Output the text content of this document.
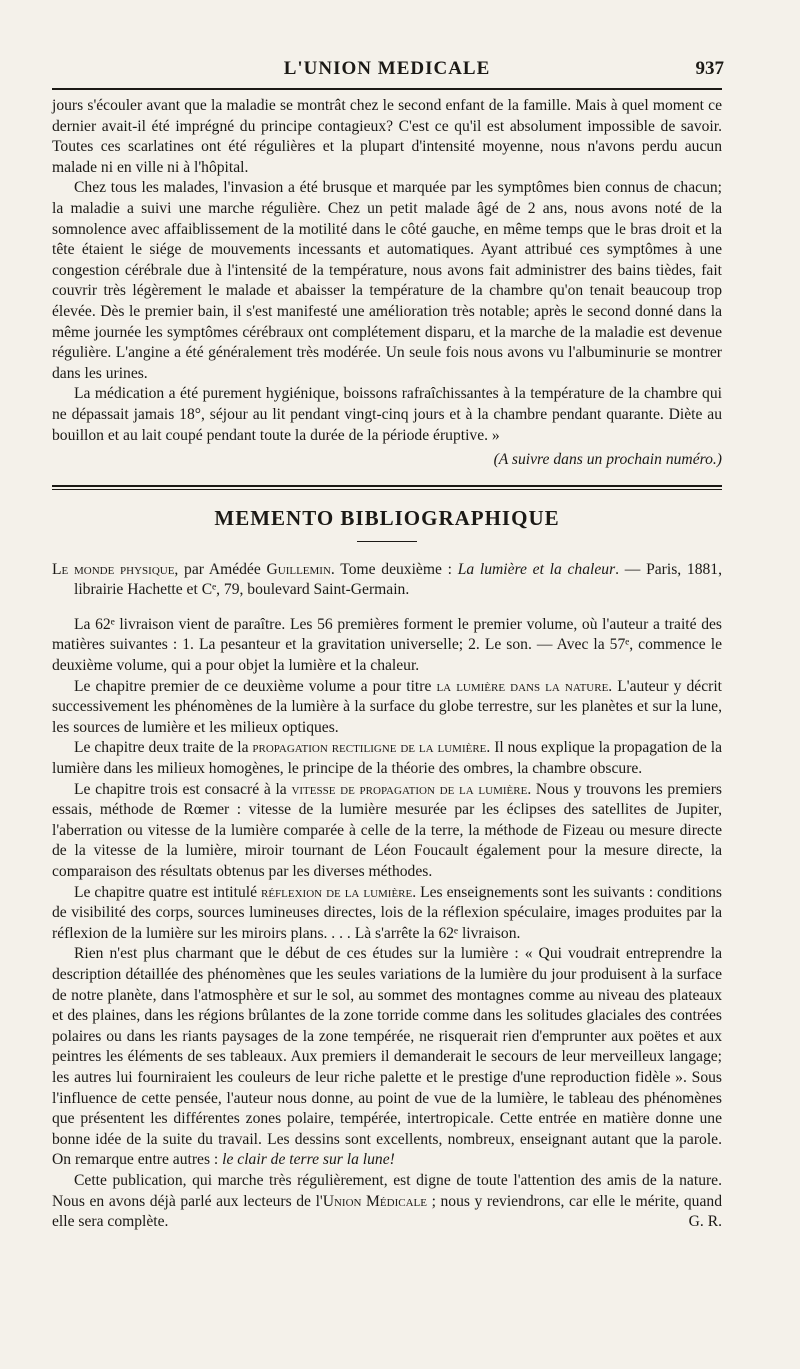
L'UNION MEDICALE	937

jours s'écouler avant que la maladie se montrât chez le second enfant de la famille. Mais à quel moment ce dernier avait-il été imprégné du principe contagieux? C'est ce qu'il est absolument impossible de savoir. Toutes ces scarlatines ont été régulières et la plupart d'intensité moyenne, nous n'avons perdu aucun malade ni en ville ni à l'hôpital.

Chez tous les malades, l'invasion a été brusque et marquée par les symptômes bien connus de chacun; la maladie a suivi une marche régulière. Chez un petit malade âgé de 2 ans, nous avons noté de la somnolence avec affaiblissement de la motilité dans le côté gauche, en même temps que le bras droit et la tête étaient le siége de mouvements incessants et automatiques. Ayant attribué ces symptômes à une congestion cérébrale due à l'intensité de la température, nous avons fait administrer des bains tièdes, fait couvrir très légèrement le malade et abaisser la température de la chambre qu'on tenait beaucoup trop élevée. Dès le premier bain, il s'est manifesté une amélioration très notable; après le second donné dans la même journée les symptômes cérébraux ont complétement disparu, et la marche de la maladie est devenue régulière. L'angine a été généralement très modérée. Un seule fois nous avons vu l'albuminurie se montrer dans les urines.

La médication a été purement hygiénique, boissons rafraîchissantes à la température de la chambre qui ne dépassait jamais 18°, séjour au lit pendant vingt-cinq jours et à la chambre pendant quarante. Diète au bouillon et au lait coupé pendant toute la durée de la période éruptive. »

(A suivre dans un prochain numéro.)
MEMENTO BIBLIOGRAPHIQUE
Le monde physique, par Amédée Guillemin. Tome deuxième : La lumière et la chaleur. — Paris, 1881, librairie Hachette et Cᵉ, 79, boulevard Saint-Germain.

La 62ᵉ livraison vient de paraître. Les 56 premières forment le premier volume, où l'auteur a traité des matières suivantes : 1. La pesanteur et la gravitation universelle; 2. Le son. — Avec la 57ᵉ, commence le deuxième volume, qui a pour objet la lumière et la chaleur.

Le chapitre premier de ce deuxième volume a pour titre la lumière dans la nature. L'auteur y décrit successivement les phénomènes de la lumière à la surface du globe terrestre, sur les planètes et sur la lune, les sources de lumière et les milieux optiques.

Le chapitre deux traite de la propagation rectiligne de la lumière. Il nous explique la propagation de la lumière dans les milieux homogènes, le principe de la théorie des ombres, la chambre obscure.

Le chapitre trois est consacré à la vitesse de propagation de la lumière. Nous y trouvons les premiers essais, méthode de Rœmer : vitesse de la lumière mesurée par les éclipses des satellites de Jupiter, l'aberration ou vitesse de la lumière comparée à celle de la terre, la méthode de Fizeau ou mesure directe de la vitesse de la lumière, miroir tournant de Léon Foucault également pour la mesure directe, la comparaison des résultats obtenus par les diverses méthodes.

Le chapitre quatre est intitulé réflexion de la lumière. Les enseignements sont les suivants : conditions de visibilité des corps, sources lumineuses directes, lois de la réflexion spéculaire, images produites par la réflexion de la lumière sur les miroirs plans. . . . Là s'arrête la 62ᵉ livraison.

Rien n'est plus charmant que le début de ces études sur la lumière : « Qui voudrait entreprendre la description détaillée des phénomènes que les seules variations de la lumière du jour produisent à la surface de notre planète, dans l'atmosphère et sur le sol, au sommet des montagnes comme au niveau des plateaux et des plaines, dans les régions brûlantes de la zone torride comme dans les solitudes glaciales des contrées polaires ou dans les riants paysages de la zone tempérée, ne risquerait rien d'emprunter aux poëtes et aux peintres les éléments de ses tableaux. Aux premiers il demanderait le secours de leur merveilleux langage; les autres lui fourniraient les couleurs de leur riche palette et le prestige d'une reproduction fidèle ». Sous l'influence de cette pensée, l'auteur nous donne, au point de vue de la lumière, le tableau des phénomènes que présentent les différentes zones polaire, tempérée, intertropicale. Cette entrée en matière donne une bonne idée de la suite du travail. Les dessins sont excellents, nombreux, enseignant autant que la parole. On remarque entre autres : le clair de terre sur la lune!

Cette publication, qui marche très régulièrement, est digne de toute l'attention des amis de la nature. Nous en avons déjà parlé aux lecteurs de l'Union Médicale ; nous y reviendrons, car elle le mérite, quand elle sera complète.	G. R.
